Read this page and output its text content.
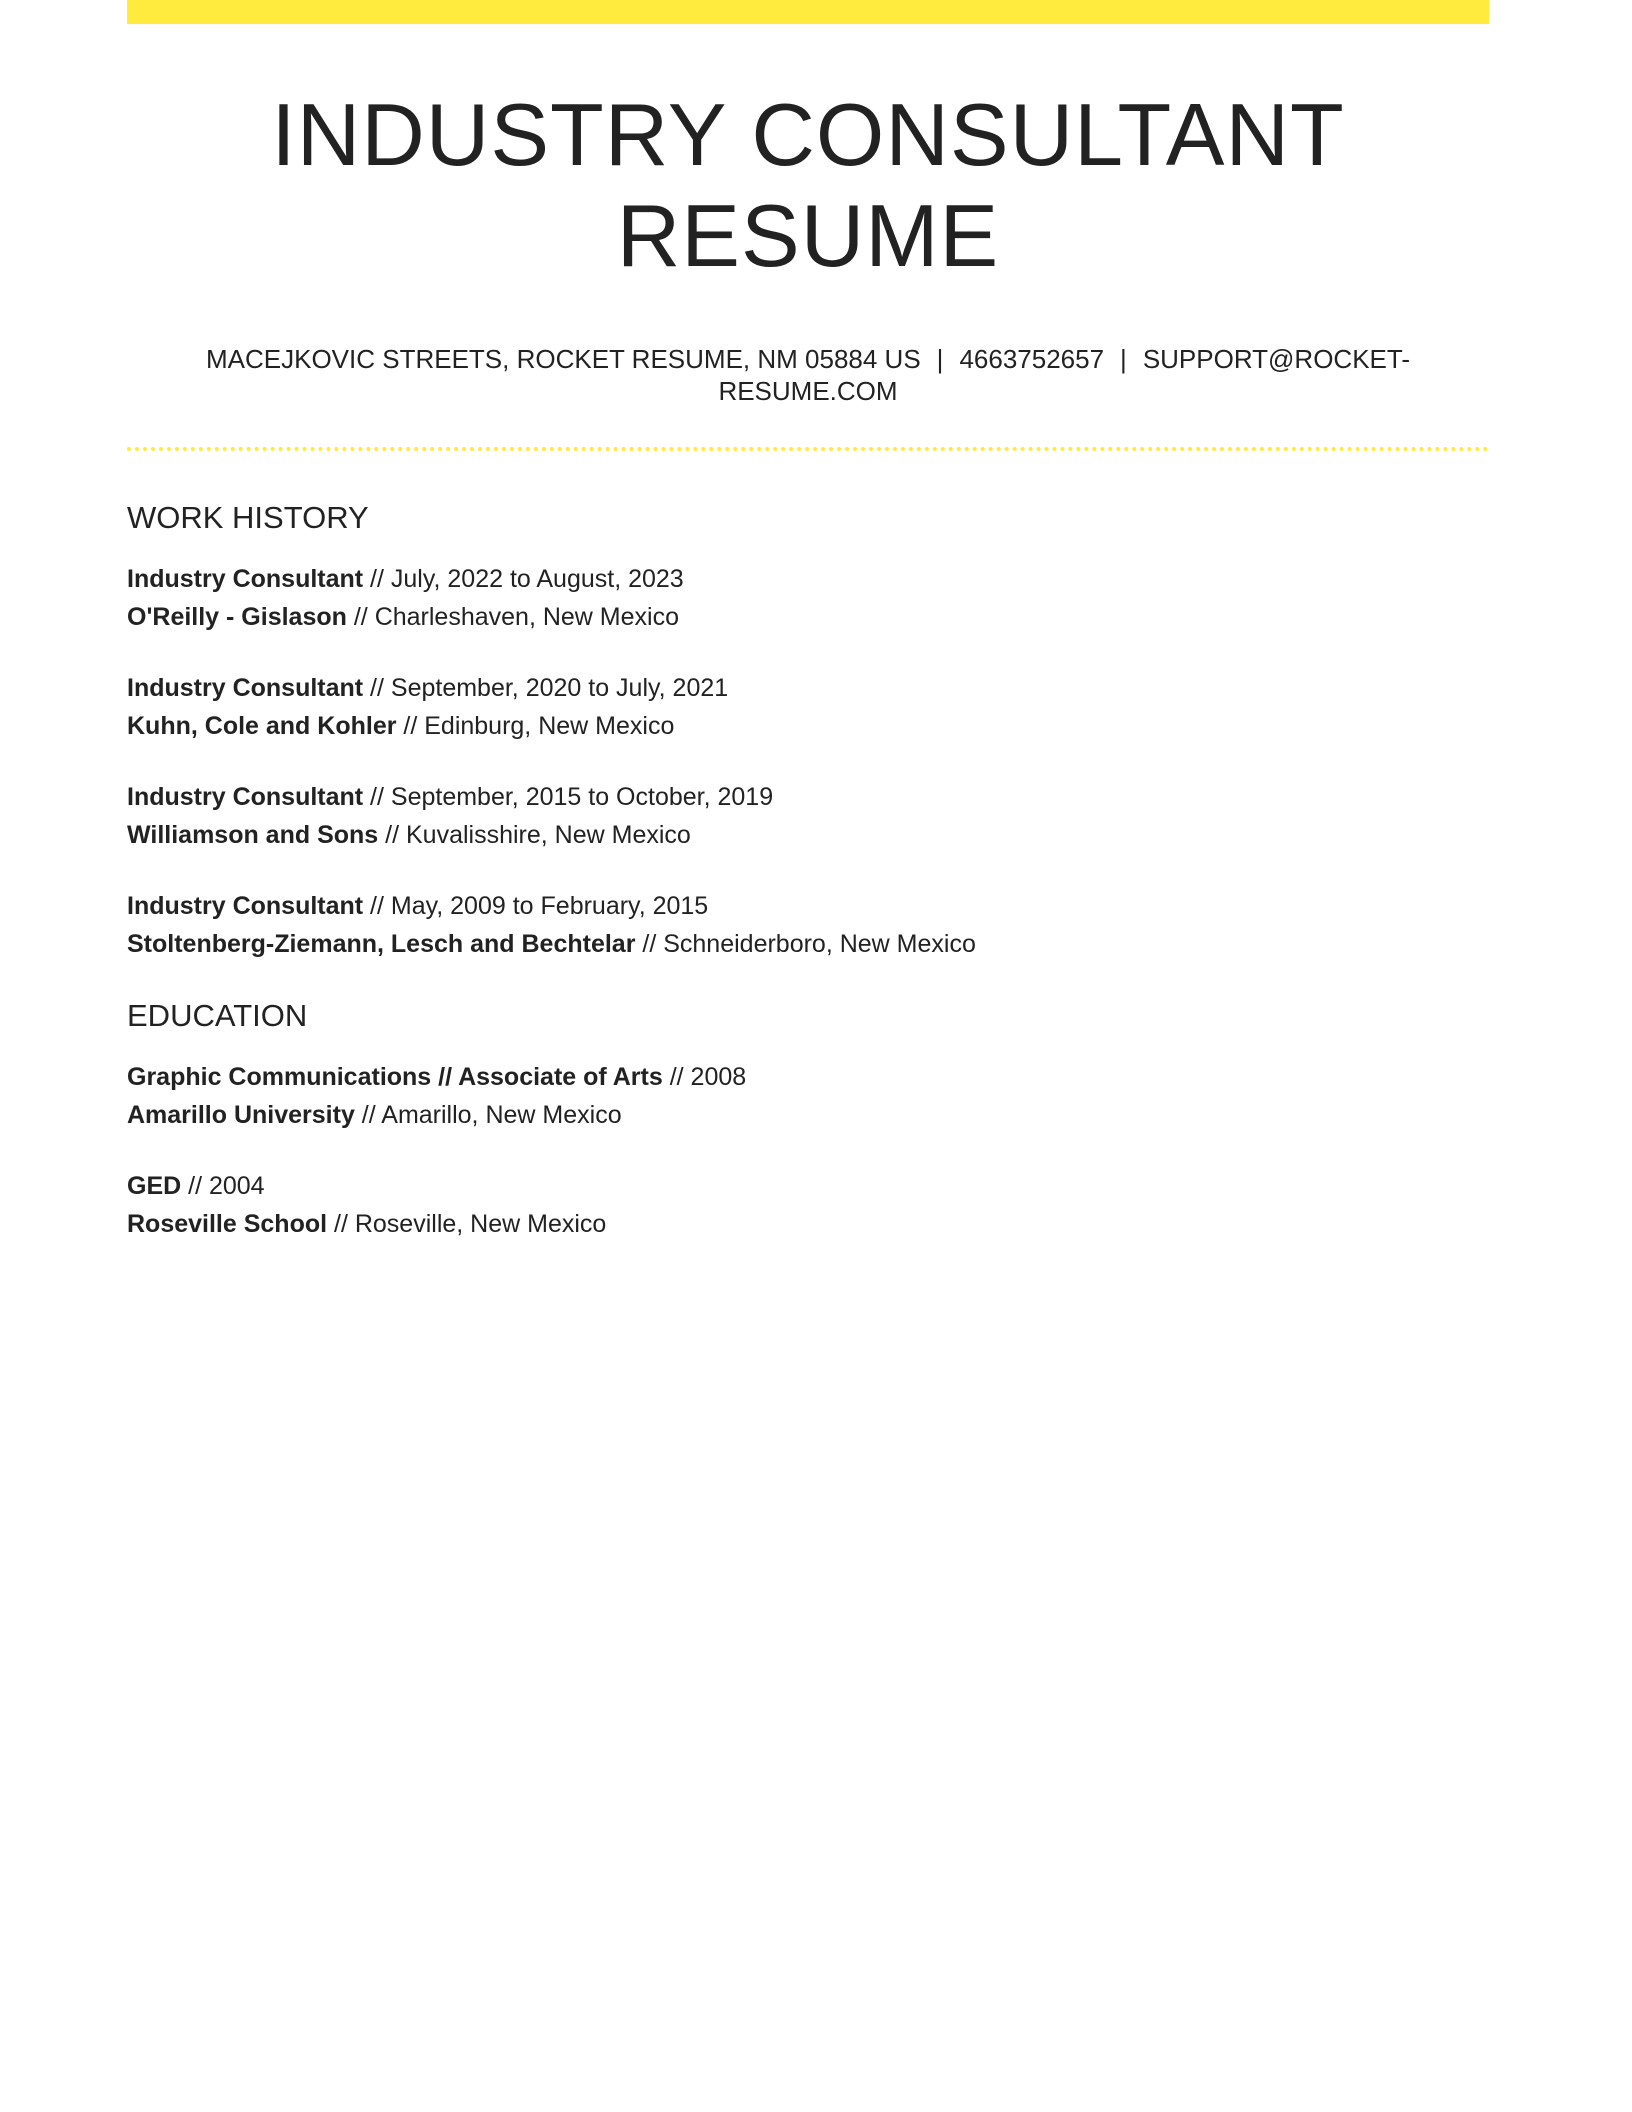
INDUSTRY CONSULTANT RESUME
MACEJKOVIC STREETS, ROCKET RESUME, NM 05884 US | 4663752657 | SUPPORT@ROCKET-RESUME.COM
WORK HISTORY
Industry Consultant // July, 2022 to August, 2023
O'Reilly - Gislason // Charleshaven, New Mexico
Industry Consultant // September, 2020 to July, 2021
Kuhn, Cole and Kohler // Edinburg, New Mexico
Industry Consultant // September, 2015 to October, 2019
Williamson and Sons // Kuvalisshire, New Mexico
Industry Consultant // May, 2009 to February, 2015
Stoltenberg-Ziemann, Lesch and Bechtelar // Schneiderboro, New Mexico
EDUCATION
Graphic Communications // Associate of Arts // 2008
Amarillo University // Amarillo, New Mexico
GED // 2004
Roseville School // Roseville, New Mexico
